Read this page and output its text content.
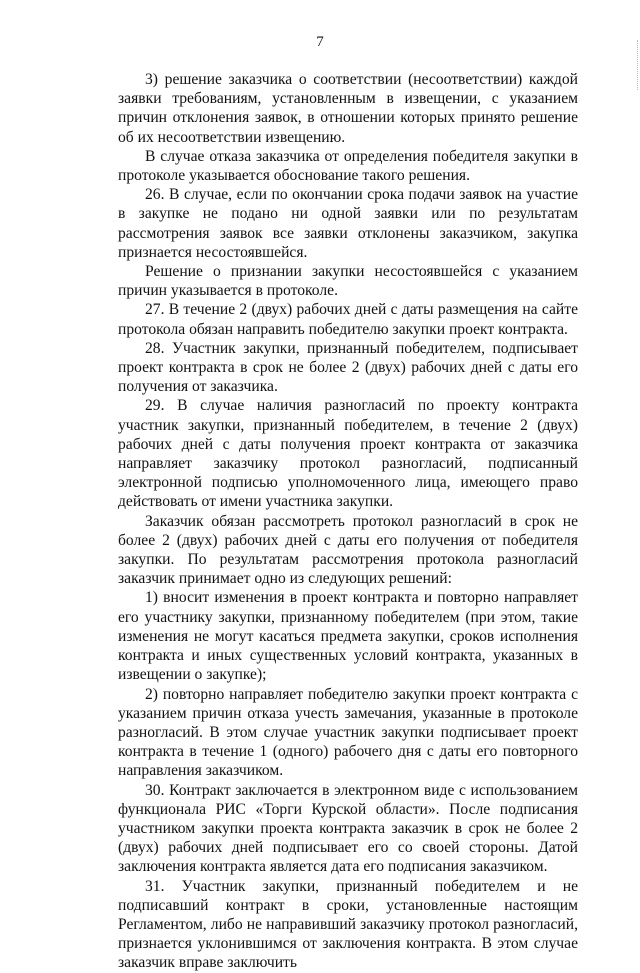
7

3) решение заказчика о соответствии (несоответствии) каждой заявки требованиям, установленным в извещении, с указанием причин отклонения заявок, в отношении которых принято решение об их несоответствии извещению.

В случае отказа заказчика от определения победителя закупки в протоколе указывается обоснование такого решения.

26. В случае, если по окончании срока подачи заявок на участие в закупке не подано ни одной заявки или по результатам рассмотрения заявок все заявки отклонены заказчиком, закупка признается несостоявшейся.

Решение о признании закупки несостоявшейся с указанием причин указывается в протоколе.

27. В течение 2 (двух) рабочих дней с даты размещения на сайте протокола обязан направить победителю закупки проект контракта.

28. Участник закупки, признанный победителем, подписывает проект контракта в срок не более 2 (двух) рабочих дней с даты его получения от заказчика.

29. В случае наличия разногласий по проекту контракта участник закупки, признанный победителем, в течение 2 (двух) рабочих дней с даты получения проект контракта от заказчика направляет заказчику протокол разногласий, подписанный электронной подписью уполномоченного лица, имеющего право действовать от имени участника закупки.

Заказчик обязан рассмотреть протокол разногласий в срок не более 2 (двух) рабочих дней с даты его получения от победителя закупки. По результатам рассмотрения протокола разногласий заказчик принимает одно из следующих решений:

1) вносит изменения в проект контракта и повторно направляет его участнику закупки, признанному победителем (при этом, такие изменения не могут касаться предмета закупки, сроков исполнения контракта и иных существенных условий контракта, указанных в извещении о закупке);

2) повторно направляет победителю закупки проект контракта с указанием причин отказа учесть замечания, указанные в протоколе разногласий. В этом случае участник закупки подписывает проект контракта в течение 1 (одного) рабочего дня с даты его повторного направления заказчиком.

30. Контракт заключается в электронном виде с использованием функционала РИС «Торги Курской области». После подписания участником закупки проекта контракта заказчик в срок не более 2 (двух) рабочих дней подписывает его со своей стороны. Датой заключения контракта является дата его подписания заказчиком.

31. Участник закупки, признанный победителем и не подписавший контракт в сроки, установленные настоящим Регламентом, либо не направивший заказчику протокол разногласий, признается уклонившимся от заключения контракта. В этом случае заказчик вправе заключить
